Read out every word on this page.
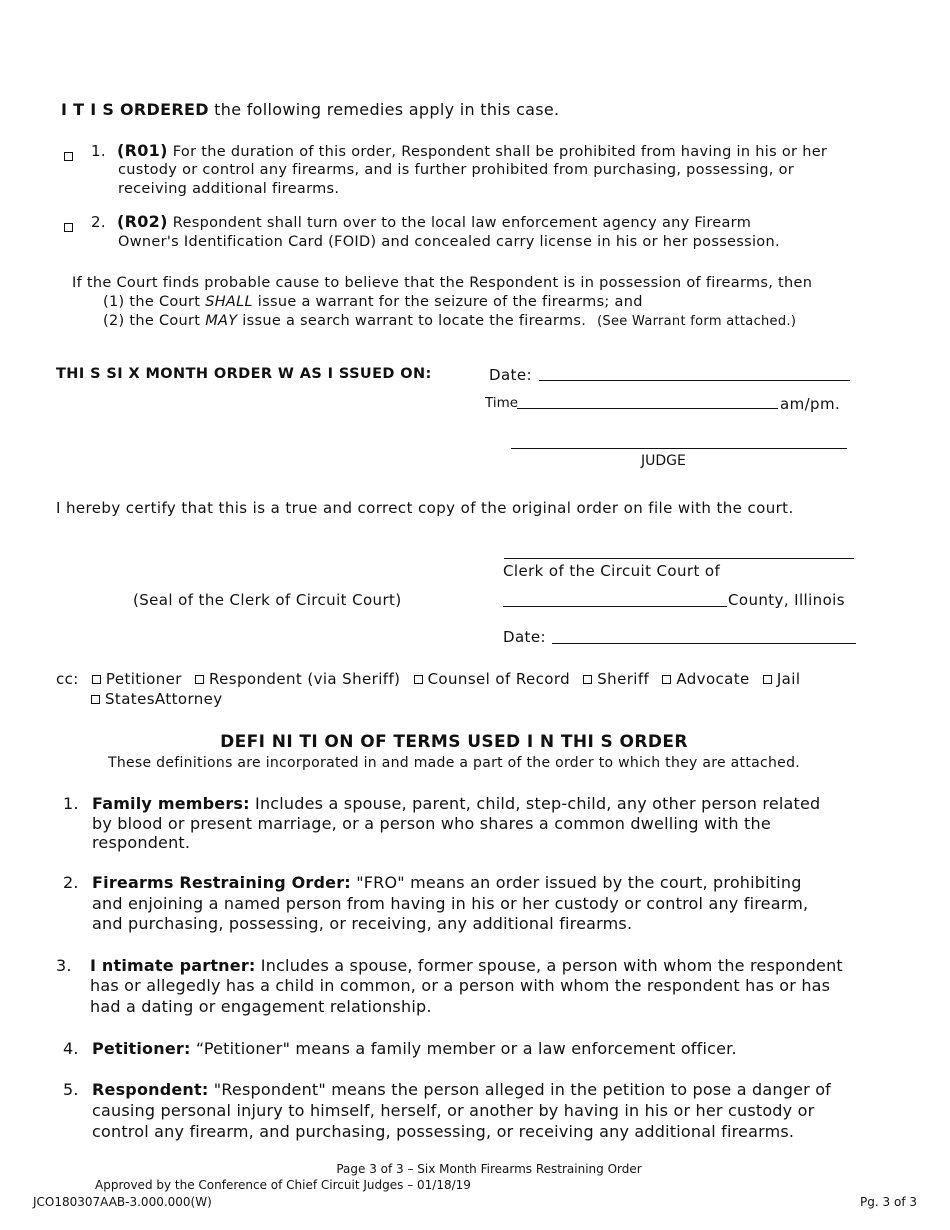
I T I S ORDERED the following remedies apply in this case.
1. (R01) For the duration of this order, Respondent shall be prohibited from having in his or her
custody or control any firearms, and is further prohibited from purchasing, possessing, or
receiving additional firearms.
2. (R02) Respondent shall turn over to the local law enforcement agency any Firearm
Owner's Identification Card (FOID) and concealed carry license in his or her possession.
If the Court finds probable cause to believe that the Respondent is in possession of firearms, then
(1) the Court SHALL issue a warrant for the seizure of the firearms; and
(2) the Court MAY issue a search warrant to locate the firearms. (See Warrant form attached.)
THI S SI X MONTH ORDER W AS I SSUED ON:	Date:
Time	am/pm.
JUDGE
I hereby certify that this is a true and correct copy of the original order on file with the court.
Clerk of the Circuit Court of
(Seal of the Clerk of Circuit Court)	County, Illinois
Date:
cc: Petitioner Respondent (via Sheriff) Counsel of Record Sheriff Advocate Jail
StatesAttorney
DEFI NI TI ON OF TERMS USED I N THI S ORDER
These definitions are incorporated in and made a part of the order to which they are attached.
1. Family members: Includes a spouse, parent, child, step-child, any other person related
by blood or present marriage, or a person who shares a common dwelling with the
respondent.
2. Firearms Restraining Order: "FRO" means an order issued by the court, prohibiting
and enjoining a named person from having in his or her custody or control any firearm,
and purchasing, possessing, or receiving, any additional firearms.
3. I ntimate partner: Includes a spouse, former spouse, a person with whom the respondent
has or allegedly has a child in common, or a person with whom the respondent has or has
had a dating or engagement relationship.
4. Petitioner: “Petitioner" means a family member or a law enforcement officer.
5. Respondent: "Respondent" means the person alleged in the petition to pose a danger of
causing personal injury to himself, herself, or another by having in his or her custody or
control any firearm, and purchasing, possessing, or receiving any additional firearms.
Page 3 of 3 – Six Month Firearms Restraining Order
Approved by the Conference of Chief Circuit Judges – 01/18/19
JCO180307AAB-3.000.000(W)	Pg. 3 of 3
